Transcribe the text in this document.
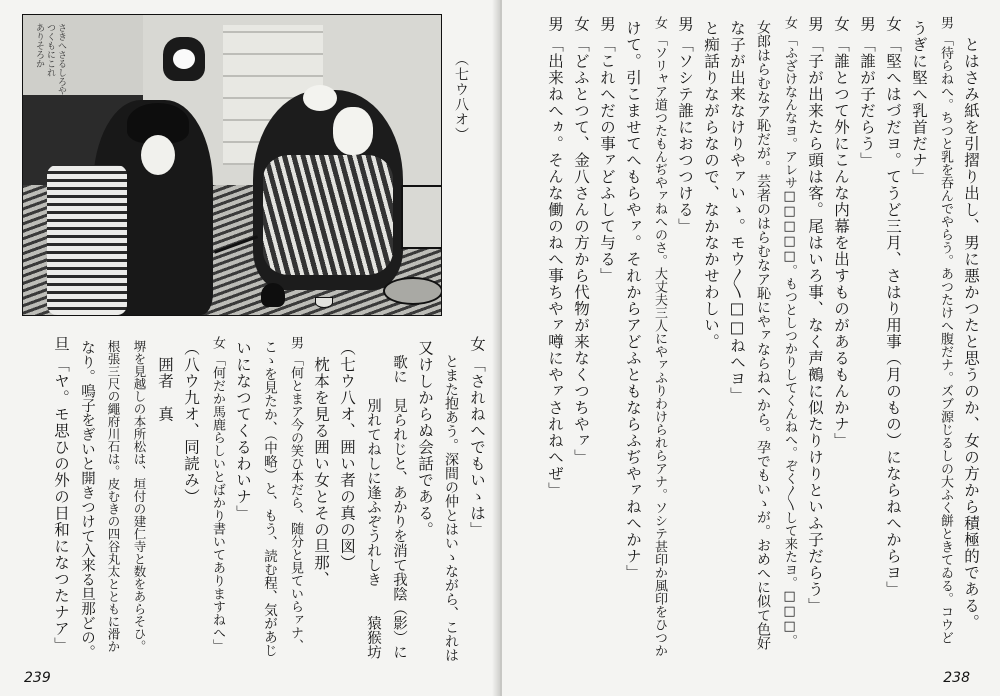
さきへさるしろや
つくもにこれ
ありそろか
（七ウ八オ）
女「されねへでもいゝは」
　とまた抱あう。深間の仲とはいゝながら、これは
又けしからぬ会話である。
　歌に　見られじと、あかりを消て我陰（影）に
　　　　別れてねしに逢ふぞうれしき　　猿猴坊
（七ウ八オ、囲い者の真の図）
　枕本を見る囲い女とその旦那、
男「何とまア今の笑ひ本だら、随分と見ていらァナ、
こゝを見たか、（中略）と、もう、読む程、気があじ
いになつてくるわいナ」
女「何だか馬鹿らしいとばかり書いてありますねへ」
（八ウ九オ、同読み）
　囲者　真
堺を見越しの本所松は、垣付の建仁寺と数をあらそひ。
根張三尺の繩府川石は。皮むきの四谷丸太とともに滑か
なり。鳴子をぎいと開きつけて入来る旦那どの。
旦「ヤ。モ思ひの外の日和になつたナア」
239
　とはさみ紙を引摺り出し、男に悪かつたと思うのか、女の方から積極的である。
男「待らねへ。ちつと乳を吞んでやらう。あつたけへ腹だナ。ズブ源じるしの大ふく餅ときてゐる。コウど
うぎに堅へ乳首だナ」
女「堅へはづだヨ。てうど三月、さはり用事（月のもの）にならねへからヨ」
男「誰が子だらう」
女「誰とつて外にこんな内幕を出すものがあるもんかナ」
男「子が出来たら頭は客。尾はいろ事、なく声鵺に似たりけりといふ子だらう」
女「ふざけなんなヨ。アレサ□□□□□。もつとしつかりしてくんねへ。ぞく〳〵して来たヨ。□□□。
女郎はらむなア恥だが。芸者のはらむなア恥にやァならねへから。孕でもいゝが。おめへに似て色好
な子が出来なけりやァいゝ。モウ〳〵□□ねへヨ」
と痴話りながらなので、なかなかせわしい。
男「ソシテ誰におつつける」
女「ソリャア道つたもんぢやァねへのさ。大丈夫三人にやァふりわけられらアナ。ソシテ甚印か風印をひつか
けて。引こませてへもらやァ。それからアどふともならふぢやァねへかナ」
男「これへだの事ァどふして与る」
女「どふとつて、金八さんの方から代物が来なくつちやァ」
男「出来ねへヵ。そんな働のねへ事ちやァ噂にやァされねへぜ」
238
